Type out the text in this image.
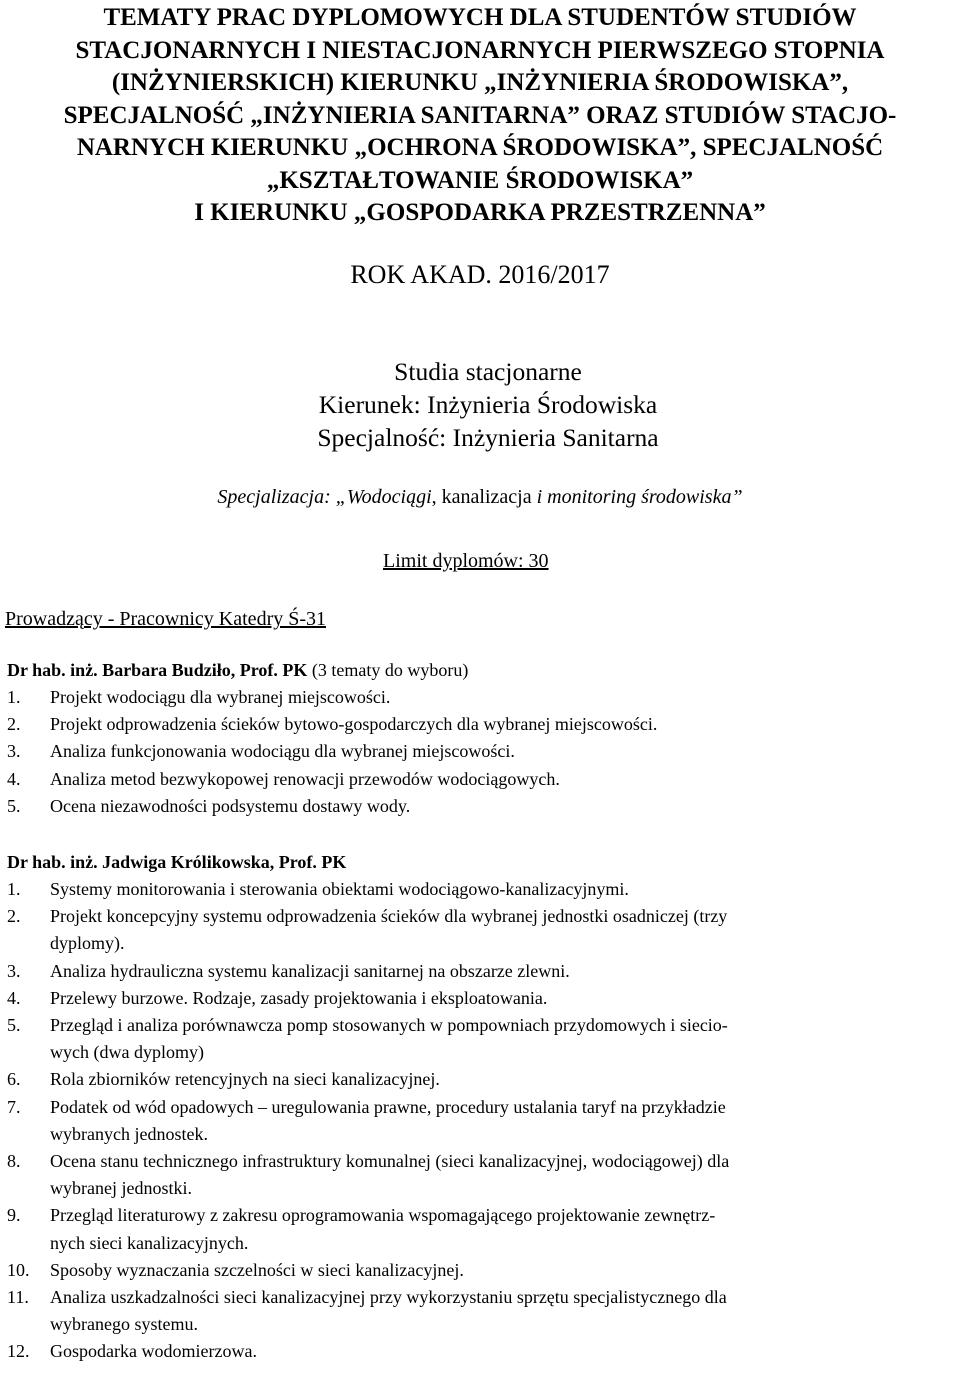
TEMATY PRAC DYPLOMOWYCH DLA STUDENTÓW STUDIÓW
STACJONARNYCH I NIESTACJONARNYCH PIERWSZEGO STOPNIA
(INŻYNIERSKICH) KIERUNKU „INŻYNIERIA ŚRODOWISKA”,
SPECJALNOŚĆ „INŻYNIERIA SANITARNA” ORAZ STUDIÓW STACJO-
NARNYCH KIERUNKU „OCHRONA ŚRODOWISKA”, SPECJALNOŚĆ
„KSZTAŁTOWANIE ŚRODOWISKA”
I KIERUNKU „GOSPODARKA PRZESTRZENNA”
ROK AKAD. 2016/2017
Studia stacjonarne
Kierunek: Inżynieria Środowiska
Specjalność: Inżynieria Sanitarna
Specjalizacja: „Wodociągi, kanalizacja i monitoring środowiska”
Limit dyplomów: 30
Prowadzący - Pracownicy Katedry Ś-31
Dr hab. inż. Barbara Budziło, Prof. PK (3 tematy do wyboru)
1. Projekt wodociągu dla wybranej miejscowości.
2. Projekt odprowadzenia ścieków bytowo-gospodarczych dla wybranej miejscowości.
3. Analiza funkcjonowania wodociągu dla wybranej miejscowości.
4. Analiza metod bezwykopowej renowacji przewodów wodociągowych.
5. Ocena niezawodności podsystemu dostawy wody.
Dr hab. inż. Jadwiga Królikowska, Prof. PK
1. Systemy monitorowania i sterowania obiektami wodociągowo-kanalizacyjnymi.
2. Projekt koncepcyjny systemu odprowadzenia ścieków dla wybranej jednostki osadniczej (trzy
dyplomy).
3. Analiza hydrauliczna systemu kanalizacji sanitarnej na obszarze zlewni.
4. Przelewy burzowe. Rodzaje, zasady projektowania i eksploatowania.
5. Przegląd i analiza porównawcza pomp stosowanych w pompowniach przydomowych i siecio-
wych (dwa dyplomy)
6. Rola zbiorników retencyjnych na sieci kanalizacyjnej.
7. Podatek od wód opadowych – uregulowania prawne, procedury ustalania taryf na przykładzie
wybranych jednostek.
8. Ocena stanu technicznego infrastruktury komunalnej (sieci kanalizacyjnej, wodociągowej) dla
wybranej jednostki.
9. Przegląd literaturowy z zakresu oprogramowania wspomagającego projektowanie zewnętrz-
nych sieci kanalizacyjnych.
10. Sposoby wyznaczania szczelności w sieci kanalizacyjnej.
11. Analiza uszkadzalności sieci kanalizacyjnej przy wykorzystaniu sprzętu specjalistycznego dla
wybranego systemu.
12. Gospodarka wodomierzowa.
